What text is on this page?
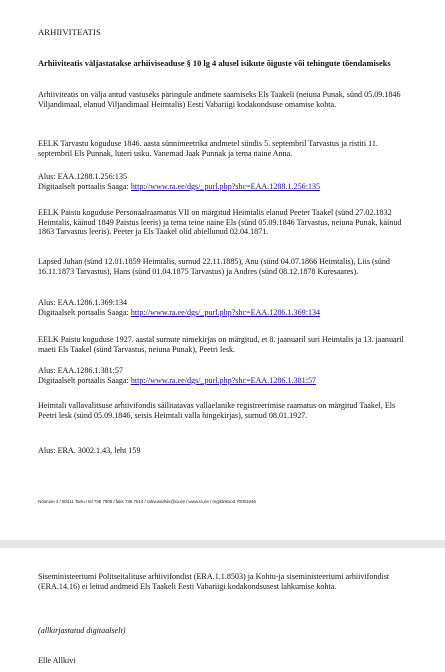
ARHIIVITEATIS

Arhiiviteatis väljastatakse arhiiviseaduse § 10 lg 4 alusel isikute õiguste või tehingute tõendamiseks

Arhiiviteatis on välja antud vastuseks päringule andmete saamiseks Els Taakeli (neiuna Punak, sünd 05.09.1846 Viljandimaal, elanud Viljandimaal Heimtalis) Eesti Vabariigi kodakondsuse omamise kohta.

EELK Tarvastu koguduse 1846. aasta sünnimeetrika andmetel sündis 5. septembril Tarvastus ja ristiti 11. septembril Els Punnak, luteri usku. Vanemad Jaak Punnak ja tema naine Anna.

Alus: EAA.1288.1.256:135
Digitaalselt portaalis Saaga: http://www.ra.ee/dgs/_purl.php?shc=EAA.1288.1.256:135

EELK Paistu koguduse Personaalraamatus VII on märgitud Heimtalis elanud Peeter Taakel (sünd 27.02.1832 Heimtalis, käinud 1849 Paistus leeris) ja tema teine naine Els (sünd 05.09.1846 Tarvastus, neiuna Punak, käinud 1863 Tarvastus leeris). Peeter ja Els Taakel olid abiellunud 02.04.1871.

Lapsed Juhan (sünd 12.01.1859 Heimtalis, surnud 22.11.1885), Anu (sünd 04.07.1866 Heimtalis), Liis (sünd 16.11.1873 Tarvastus), Hans (sünd 01.04.1875 Tarvastus) ja Andres (sünd 08.12.1878 Kuresaares).

Alus: EAA.1286.1.369:134
Digitaalselt portaalis Saaga: http://www.ra.ee/dgs/_purl.php?shc=EAA.1286.1.369:134

EELK Paistu koguduse 1927. aastal surnute nimekirjas on märgitud, et 8. jaanuaril suri Heimtalis ja 13. jaanuaril maeti Els Taakel (sünd Tarvastus, neiuna Punak), Peetri lesk.

Alus: EAA.1286.1.381:57
Digitaalselt portaalis Saaga: http://www.ra.ee/dgs/_purl.php?shc=EAA.1286.1.381:57

Heimtali vallavalitsuse arhiivifondis säilitatavas vallaelanike registreerimise raamatus on märgitud Taakel, Els Peetri lesk (sünd 05.09.1846, seisis Heimtali valla hingekirjas), surnud 08.01.1927.

Alus: ERA. 3002.1.43, leht 159

Nooruse 3 / 50411 Tartu / tel 738 7505 / faks 738 7514 / rahvusarhiiv@ra.ee / www.ra.ee / registrikood 70001946

Siseministeeriumi Politseitalituse arhiivifondist (ERA.1.1.8503) ja Kohtu-ja siseministeeriumi arhiivifondist (ERA.14.16) ei leitud andmeid Els Taakeli Eesti Vabariigi kodakondsusest lahkumise kohta.

(allkirjastatud digitaalselt)

Elle Allkivi
